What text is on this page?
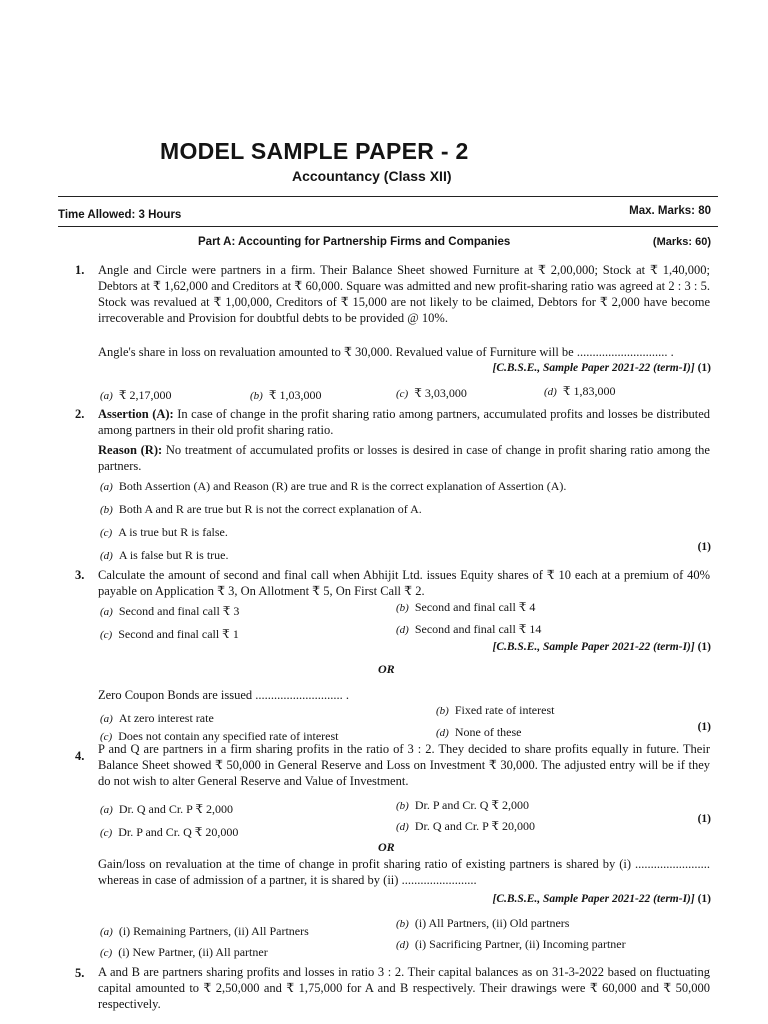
MODEL SAMPLE PAPER - 2
Accountancy (Class XII)
Time Allowed: 3 Hours	Max. Marks: 80
Part A: Accounting for Partnership Firms and Companies	(Marks: 60)
1. Angle and Circle were partners in a firm. Their Balance Sheet showed Furniture at ₹ 2,00,000; Stock at ₹ 1,40,000; Debtors at ₹ 1,62,000 and Creditors at ₹ 60,000. Square was admitted and new profit-sharing ratio was agreed at 2 : 3 : 5. Stock was revalued at ₹ 1,00,000, Creditors of ₹ 15,000 are not likely to be claimed, Debtors for ₹ 2,000 have become irrecoverable and Provision for doubtful debts to be provided @ 10%.
Angle's share in loss on revaluation amounted to ₹ 30,000. Revalued value of Furniture will be ............................. .
[C.B.S.E., Sample Paper 2021-22 (term-I)] (1)
(a) ₹ 2,17,000	(b) ₹ 1,03,000	(c) ₹ 3,03,000	(d) ₹ 1,83,000
2. Assertion (A): In case of change in the profit sharing ratio among partners, accumulated profits and losses be distributed among partners in their old profit sharing ratio.
Reason (R): No treatment of accumulated profits or losses is desired in case of change in profit sharing ratio among the partners.
(a) Both Assertion (A) and Reason (R) are true and R is the correct explanation of Assertion (A).
(b) Both A and R are true but R is not the correct explanation of A.
(c) A is true but R is false.
(d) A is false but R is true.
(1)
3. Calculate the amount of second and final call when Abhijit Ltd. issues Equity shares of ₹ 10 each at a premium of 40% payable on Application ₹ 3, On Allotment ₹ 5, On First Call ₹ 2.
(a) Second and final call ₹ 3	(b) Second and final call ₹ 4
(c) Second and final call ₹ 1	(d) Second and final call ₹ 14
[C.B.S.E., Sample Paper 2021-22 (term-I)] (1)
OR
Zero Coupon Bonds are issued ............................ .
(a) At zero interest rate	(b) Fixed rate of interest
(c) Does not contain any specified rate of interest	(d) None of these	(1)
4. P and Q are partners in a firm sharing profits in the ratio of 3 : 2. They decided to share profits equally in future. Their Balance Sheet showed ₹ 50,000 in General Reserve and Loss on Investment ₹ 30,000. The adjusted entry will be if they do not wish to alter General Reserve and Value of Investment.
(a) Dr. Q and Cr. P ₹ 2,000	(b) Dr. P and Cr. Q ₹ 2,000
(c) Dr. P and Cr. Q ₹ 20,000	(d) Dr. Q and Cr. P ₹ 20,000	(1)
OR
Gain/loss on revaluation at the time of change in profit sharing ratio of existing partners is shared by (i) ........................ whereas in case of admission of a partner, it is shared by (ii) ........................
[C.B.S.E., Sample Paper 2021-22 (term-I)] (1)
(a) (i) Remaining Partners, (ii) All Partners	(b) (i) All Partners, (ii) Old partners
(c) (i) New Partner, (ii) All partner	(d) (i) Sacrificing Partner, (ii) Incoming partner
5. A and B are partners sharing profits and losses in ratio 3 : 2. Their capital balances as on 31-3-2022 based on fluctuating capital amounted to ₹ 2,50,000 and ₹ 1,75,000 for A and B respectively. Their drawings were ₹ 60,000 and ₹ 50,000 respectively.
